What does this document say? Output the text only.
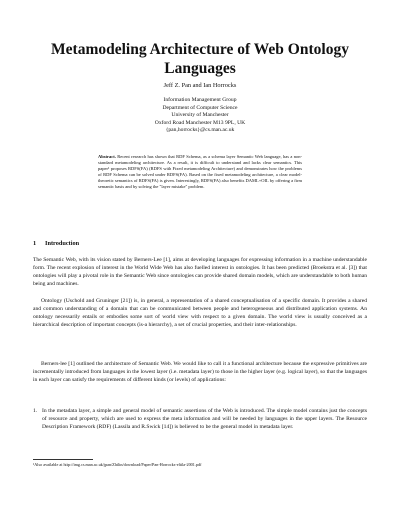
Metamodeling Architecture of Web Ontology Languages
Jeff Z. Pan and Ian Horrocks
Information Management Group
Department of Computer Science
University of Manchester
Oxford Road Manchester M13 9PL, UK
{pan,horrocks}@cs.man.ac.uk
Abstract. Recent research has shown that RDF Schema, as a schema layer Semantic Web language, has a non-standard metamodeling architecture. As a result, it is difficult to understand and lacks clear semantics. This paper¹ proposes RDFS(FA) (RDFS with Fixed metamodeling Architecture) and demonstrates how the problems of RDF Schema can be solved under RDFS(FA). Based on the fixed metamodeling architecture, a clear model-theoretic semantics of RDFS(FA) is given. Interestingly, RDFS(FA) also benefits DAML+OIL by offering a firm semantic basis and by solving the "layer mistake" problem.
1 Introduction

The Semantic Web, with its vision stated by Berners-Lee [1], aims at developing languages for expressing information in a machine understandable form. The recent explosion of interest in the World Wide Web has also fuelled interest in ontologies. It has been predicted (Broekstra et al. [3]) that ontologies will play a pivotal role in the Semantic Web since ontologies can provide shared domain models, which are understandable to both human being and machines.

Ontology (Uschold and Gruninger [21]) is, in general, a representation of a shared conceptualisation of a specific domain. It provides a shared and common understanding of a domain that can be communicated between people and heterogeneous and distributed application systems. An ontology necessarily entails or embodies some sort of world view with respect to a given domain. The world view is usually conceived as a hierarchical description of important concepts (is-a hierarchy), a set of crucial properties, and their inter-relationships.

Berners-lee [1] outlined the architecture of Semantic Web. We would like to call it a functional architecture because the expressive primitives are incrementally introduced from languages in the lowest layer (i.e. metadata layer) to those in the higher layer (e.g. logical layer), so that the languages in each layer can satisfy the requirements of different kinds (or levels) of applications:

1. In the metadata layer, a simple and general model of semantic assertions of the Web is introduced. The simple model contains just the concepts of resource and property, which are used to express the meta information and will be needed by languages in the upper layers. The Resource Description Framework (RDF) (Lassila and R.Swick [14]) is believed to be the general model in metadata layer.
¹Also available at http://img.cs.man.ac.uk/jpan/Zhilin/download/Paper/Pan-Horrocks-eltila-2001.pdf
